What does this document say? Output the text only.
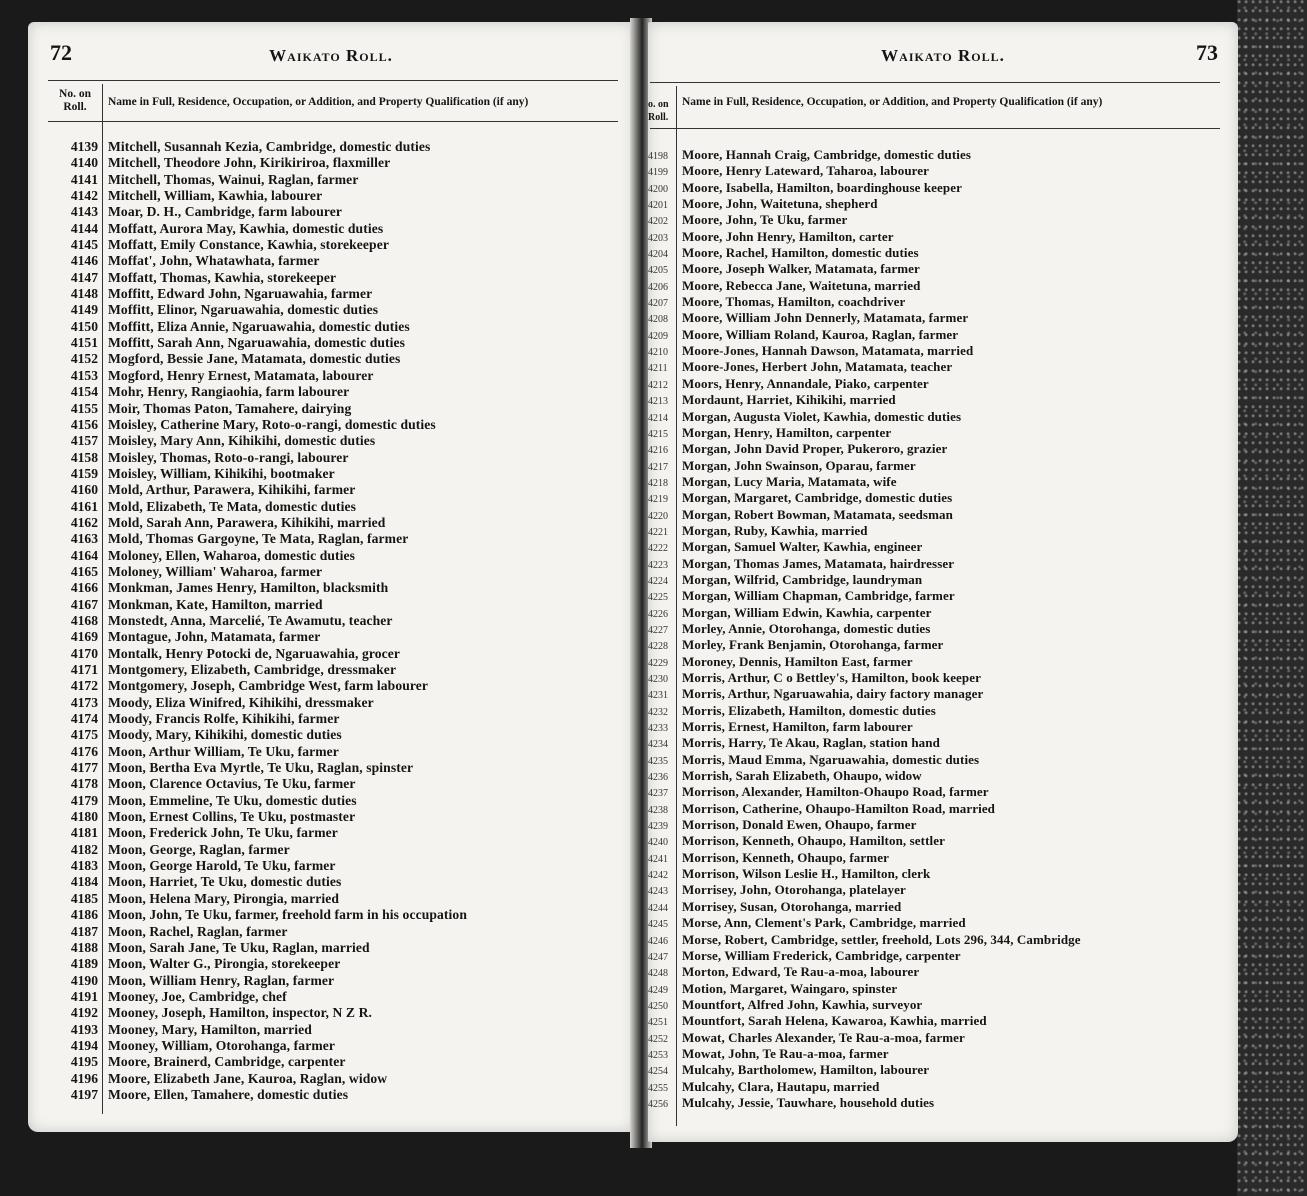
72	Waikato Roll.
No. on
Roll.	Name in Full, Residence, Occupation, or Addition, and Property Qualification (if any)
4139 Mitchell, Susannah Kezia, Cambridge, domestic duties
4140 Mitchell, Theodore John, Kirikiriroa, flaxmiller
4141 Mitchell, Thomas, Wainui, Raglan, farmer
4142 Mitchell, William, Kawhia, labourer
4143 Moar, D. H., Cambridge, farm labourer
4144 Moffatt, Aurora May, Kawhia, domestic duties
4145 Moffatt, Emily Constance, Kawhia, storekeeper
4146 Moffat', John, Whatawhata, farmer
4147 Moffatt, Thomas, Kawhia, storekeeper
4148 Moffitt, Edward John, Ngaruawahia, farmer
4149 Moffitt, Elinor, Ngaruawahia, domestic duties
4150 Moffitt, Eliza Annie, Ngaruawahia, domestic duties
4151 Moffitt, Sarah Ann, Ngaruawahia, domestic duties
4152 Mogford, Bessie Jane, Matamata, domestic duties
4153 Mogford, Henry Ernest, Matamata, labourer
4154 Mohr, Henry, Rangiaohia, farm labourer
4155 Moir, Thomas Paton, Tamahere, dairying
4156 Moisley, Catherine Mary, Roto-o-rangi, domestic duties
4157 Moisley, Mary Ann, Kihikihi, domestic duties
4158 Moisley, Thomas, Roto-o-rangi, labourer
4159 Moisley, William, Kihikihi, bootmaker
4160 Mold, Arthur, Parawera, Kihikihi, farmer
4161 Mold, Elizabeth, Te Mata, domestic duties
4162 Mold, Sarah Ann, Parawera, Kihikihi, married
4163 Mold, Thomas Gargoyne, Te Mata, Raglan, farmer
4164 Moloney, Ellen, Waharoa, domestic duties
4165 Moloney, William' Waharoa, farmer
4166 Monkman, James Henry, Hamilton, blacksmith
4167 Monkman, Kate, Hamilton, married
4168 Monstedt, Anna, Marcelié, Te Awamutu, teacher
4169 Montague, John, Matamata, farmer
4170 Montalk, Henry Potocki de, Ngaruawahia, grocer
4171 Montgomery, Elizabeth, Cambridge, dressmaker
4172 Montgomery, Joseph, Cambridge West, farm labourer
4173 Moody, Eliza Winifred, Kihikihi, dressmaker
4174 Moody, Francis Rolfe, Kihikihi, farmer
4175 Moody, Mary, Kihikihi, domestic duties
4176 Moon, Arthur William, Te Uku, farmer
4177 Moon, Bertha Eva Myrtle, Te Uku, Raglan, spinster
4178 Moon, Clarence Octavius, Te Uku, farmer
4179 Moon, Emmeline, Te Uku, domestic duties
4180 Moon, Ernest Collins, Te Uku, postmaster
4181 Moon, Frederick John, Te Uku, farmer
4182 Moon, George, Raglan, farmer
4183 Moon, George Harold, Te Uku, farmer
4184 Moon, Harriet, Te Uku, domestic duties
4185 Moon, Helena Mary, Pirongia, married
4186 Moon, John, Te Uku, farmer, freehold farm in his occupation
4187 Moon, Rachel, Raglan, farmer
4188 Moon, Sarah Jane, Te Uku, Raglan, married
4189 Moon, Walter G., Pirongia, storekeeper
4190 Moon, William Henry, Raglan, farmer
4191 Mooney, Joe, Cambridge, chef
4192 Mooney, Joseph, Hamilton, inspector, N Z R.
4193 Mooney, Mary, Hamilton, married
4194 Mooney, William, Otorohanga, farmer
4195 Moore, Brainerd, Cambridge, carpenter
4196 Moore, Elizabeth Jane, Kauroa, Raglan, widow
4197 Moore, Ellen, Tamahere, domestic duties
73
Waikato Roll.
o. on
Roll.
Name in Full, Residence, Occupation, or Addition, and Property Qualification (if any)
4198	Moore, Hannah Craig, Cambridge, domestic duties
4199	Moore, Henry Lateward, Taharoa, labourer
4200	Moore, Isabella, Hamilton, boardinghouse keeper
4201	Moore, John, Waitetuna, shepherd
4202	Moore, John, Te Uku, farmer
4203	Moore, John Henry, Hamilton, carter
4204	Moore, Rachel, Hamilton, domestic duties
4205	Moore, Joseph Walker, Matamata, farmer
4206	Moore, Rebecca Jane, Waitetuna, married
4207	Moore, Thomas, Hamilton, coachdriver
4208	Moore, William John Dennerly, Matamata, farmer
4209	Moore, William Roland, Kauroa, Raglan, farmer
4210	Moore-Jones, Hannah Dawson, Matamata, married
4211	Moore-Jones, Herbert John, Matamata, teacher
4212	Moors, Henry, Annandale, Piako, carpenter
4213	Mordaunt, Harriet, Kihikihi, married
4214	Morgan, Augusta Violet, Kawhia, domestic duties
4215	Morgan, Henry, Hamilton, carpenter
4216	Morgan, John David Proper, Pukeroro, grazier
4217	Morgan, John Swainson, Oparau, farmer
4218	Morgan, Lucy Maria, Matamata, wife
4219	Morgan, Margaret, Cambridge, domestic duties
4220	Morgan, Robert Bowman, Matamata, seedsman
4221	Morgan, Ruby, Kawhia, married
4222	Morgan, Samuel Walter, Kawhia, engineer
4223	Morgan, Thomas James, Matamata, hairdresser
4224	Morgan, Wilfrid, Cambridge, laundryman
4225	Morgan, William Chapman, Cambridge, farmer
4226	Morgan, William Edwin, Kawhia, carpenter
4227	Morley, Annie, Otorohanga, domestic duties
4228	Morley, Frank Benjamin, Otorohanga, farmer
4229	Moroney, Dennis, Hamilton East, farmer
4230	Morris, Arthur, C o Bettley's, Hamilton, book keeper
4231	Morris, Arthur, Ngaruawahia, dairy factory manager
4232	Morris, Elizabeth, Hamilton, domestic duties
4233	Morris, Ernest, Hamilton, farm labourer
4234	Morris, Harry, Te Akau, Raglan, station hand
4235	Morris, Maud Emma, Ngaruawahia, domestic duties
4236	Morrish, Sarah Elizabeth, Ohaupo, widow
4237	Morrison, Alexander, Hamilton-Ohaupo Road, farmer
4238	Morrison, Catherine, Ohaupo-Hamilton Road, married
4239	Morrison, Donald Ewen, Ohaupo, farmer
4240	Morrison, Kenneth, Ohaupo, Hamilton, settler
4241	Morrison, Kenneth, Ohaupo, farmer
4242	Morrison, Wilson Leslie H., Hamilton, clerk
4243	Morrisey, John, Otorohanga, platelayer
4244	Morrisey, Susan, Otorohanga, married
4245	Morse, Ann, Clement's Park, Cambridge, married
4246	Morse, Robert, Cambridge, settler, freehold, Lots 296, 344, Cambridge
4247	Morse, William Frederick, Cambridge, carpenter
4248	Morton, Edward, Te Rau-a-moa, labourer
4249	Motion, Margaret, Waingaro, spinster
4250	Mountfort, Alfred John, Kawhia, surveyor
4251	Mountfort, Sarah Helena, Kawaroa, Kawhia, married
4252	Mowat, Charles Alexander, Te Rau-a-moa, farmer
4253	Mowat, John, Te Rau-a-moa, farmer
4254	Mulcahy, Bartholomew, Hamilton, labourer
4255	Mulcahy, Clara, Hautapu, married
4256	Mulcahy, Jessie, Tauwhare, household duties
